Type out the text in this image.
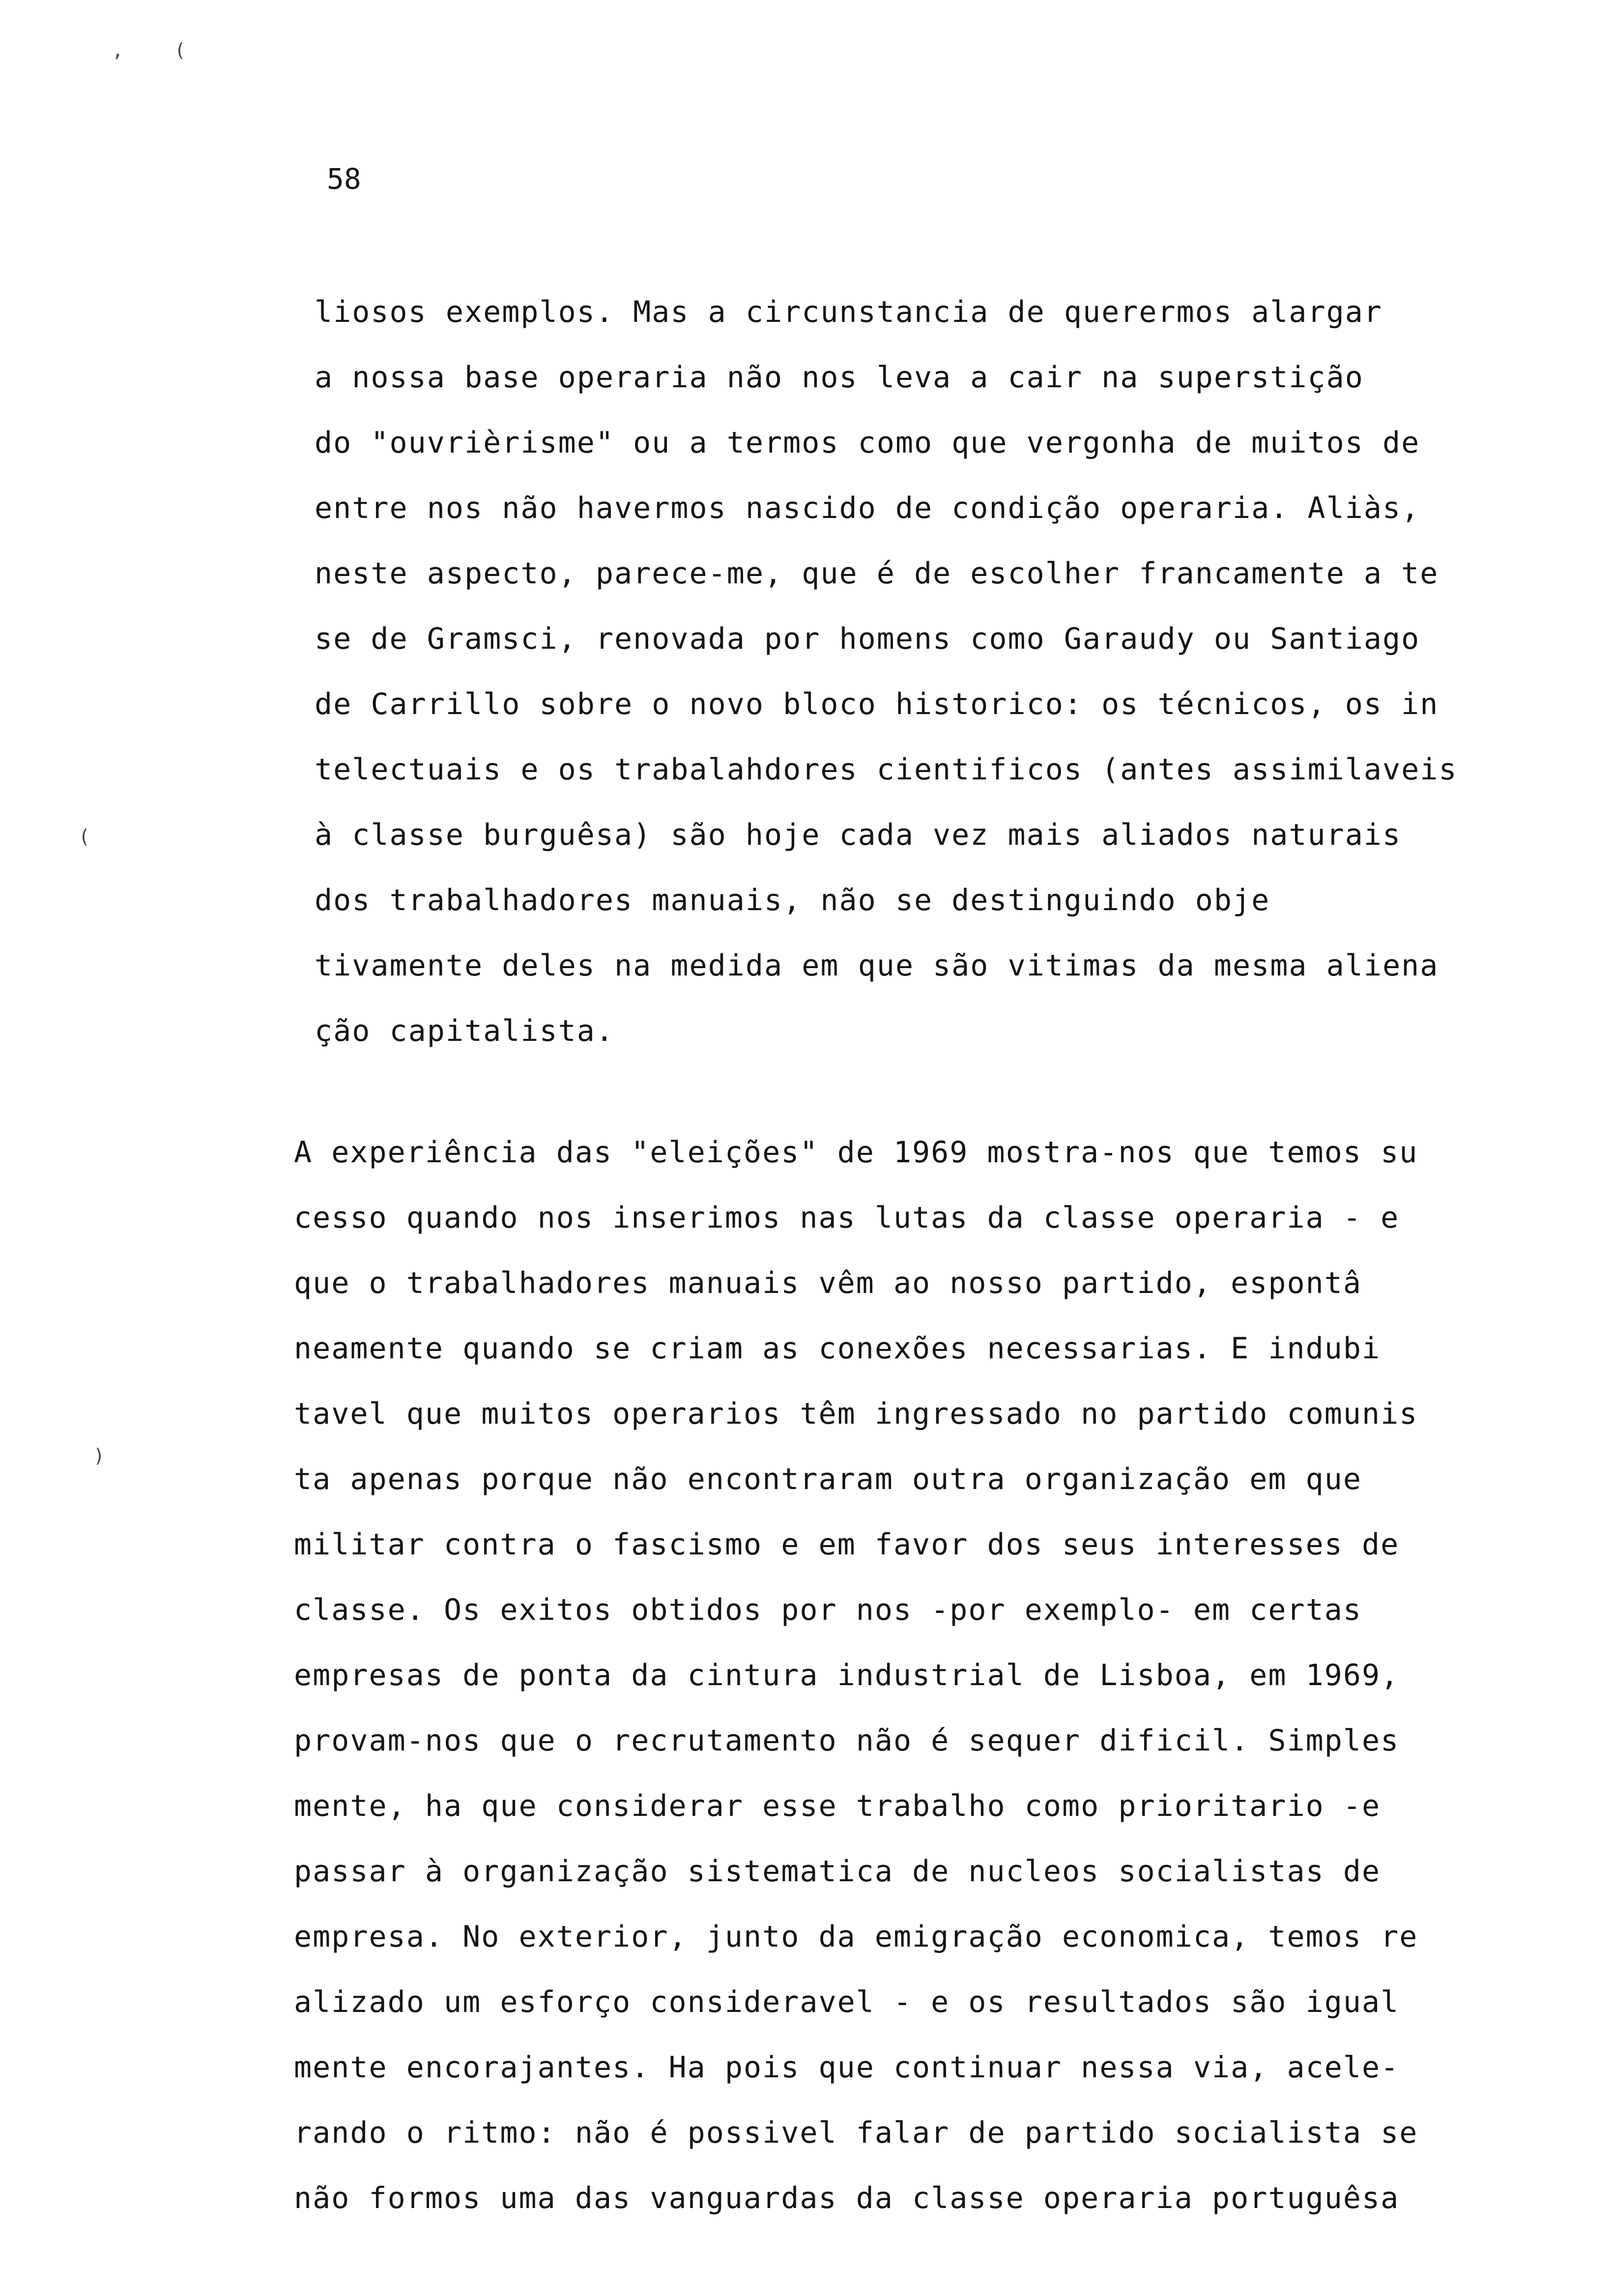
,	(
(
)
58
liosos exemplos. Mas a circunstancia de querermos alargar
a nossa base operaria não nos leva a cair na superstição
do "ouvrièrisme" ou a termos como que vergonha de muitos de
entre nos não havermos nascido de condição operaria. Aliàs,
neste aspecto, parece-me, que é de escolher francamente a te
se de Gramsci, renovada por homens como Garaudy ou Santiago
de Carrillo sobre o novo bloco historico: os técnicos, os in
telectuais e os trabalahdores cientificos (antes assimilaveis
à classe burguêsa) são hoje cada vez mais aliados naturais
dos trabalhadores manuais, não se destinguindo obje
tivamente deles na medida em que são vitimas da mesma aliena
ção capitalista.
A experiência das "eleições" de 1969 mostra-nos que temos su
cesso quando nos inserimos nas lutas da classe operaria - e
que o trabalhadores manuais vêm ao nosso partido, espontâ
neamente quando se criam as conexões necessarias. E indubi
tavel que muitos operarios têm ingressado no partido comunis
ta apenas porque não encontraram outra organização em que
militar contra o fascismo e em favor dos seus interesses de
classe. Os exitos obtidos por nos -por exemplo- em certas
empresas de ponta da cintura industrial de Lisboa, em 1969,
provam-nos que o recrutamento não é sequer dificil. Simples
mente, ha que considerar esse trabalho como prioritario -e
passar à organização sistematica de nucleos socialistas de
empresa. No exterior, junto da emigração economica, temos re
alizado um esforço consideravel - e os resultados são igual
mente encorajantes. Ha pois que continuar nessa via, acele-
rando o ritmo: não é possivel falar de partido socialista se
não formos uma das vanguardas da classe operaria portuguêsa
